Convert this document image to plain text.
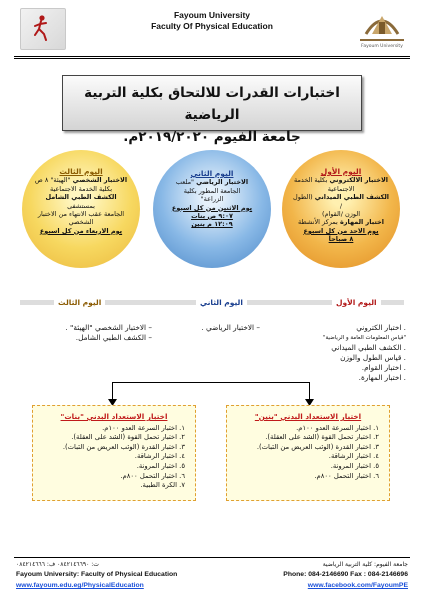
Fayoum University
Faculty Of Physical Education
Fayoum University
اختبارات القدرات للالتحاق بكلية التربية الرياضية
جامعة الفيوم ٢٠١٩/٢٠٢٠م.
اليوم الأول
الاختبار الالكتروني بكلية الخدمة
الاجتماعية
الكشف الطبي الميداني (الطول /
الوزن /القوام)
اختبار المهارة بمركز الأنشطة
يوم الاحد من كل اسبوع
٨ صباحاً
اليوم الثاني
الاختبار الرياضي "ملعب
الجامعة المطور بكلية
الزراعة"
يوم الاثنين من كل اسبوع
٩:٠٧ ص بنات
١٢:٠٩ م بنين
اليوم الثالث
الاختبار الشخصي "الهيئة" ٨ ص
بكلية الخدمة الاجتماعية
الكشف الطبي الشامل بمستشفى
الجامعة عقب الانتهاء من الاختبار
الشخصي
يوم الاربعاء من كل اسبوع
اليوم الأول
اليوم الثاني
اليوم الثالث
. اختبار الكتروني
"قياس المعلومات العامة و الرياضية"
. الكشف الطبي الميداني
. قياس الطول والوزن
. اختبار القوام.
. اختبار المهارة.
– الاختبار الرياضي .
– الاختبار الشخصي "الهيئة" .
– الكشف الطبي الشامل.
اختبار الاستعداد البدني "بنين"
١. اختبار السرعة العدو ١٠٠م.
٢. اختبار تحمل القوة (الشد على العقلة).
٣. اختبار القدرة (الوثب العريض من الثبات).
٤. اختبار الرشاقة.
٥. اختبار المرونة.
٦. اختبار التحمل ٨٠٠م.
اختبار الاستعداد البدني "بنات"
١. اختبار السرعة العدو ١٠٠م.
٢. اختبار تحمل القوة (الشد على العقلة).
٣. اختبار القدرة (الوثب العريض من الثبات).
٤. اختبار الرشاقة.
٥. اختبار المرونة.
٦. اختبار التحمل ٨٠٠م.
٧. الكرة الطبية.
جامعة الفيوم: كلية التربية الرياضية
ت: ٠٨٤٢١٤٦٦٩٠ ف: ٠٨٤٢١٤٦٦٦
Fayoum University: Faculty of Physical Education	Phone: 084-2146690 Fax : 084-2146696
www.fayoum.edu.eg/PhysicalEducation	www.facebook.com/FayoumPE
